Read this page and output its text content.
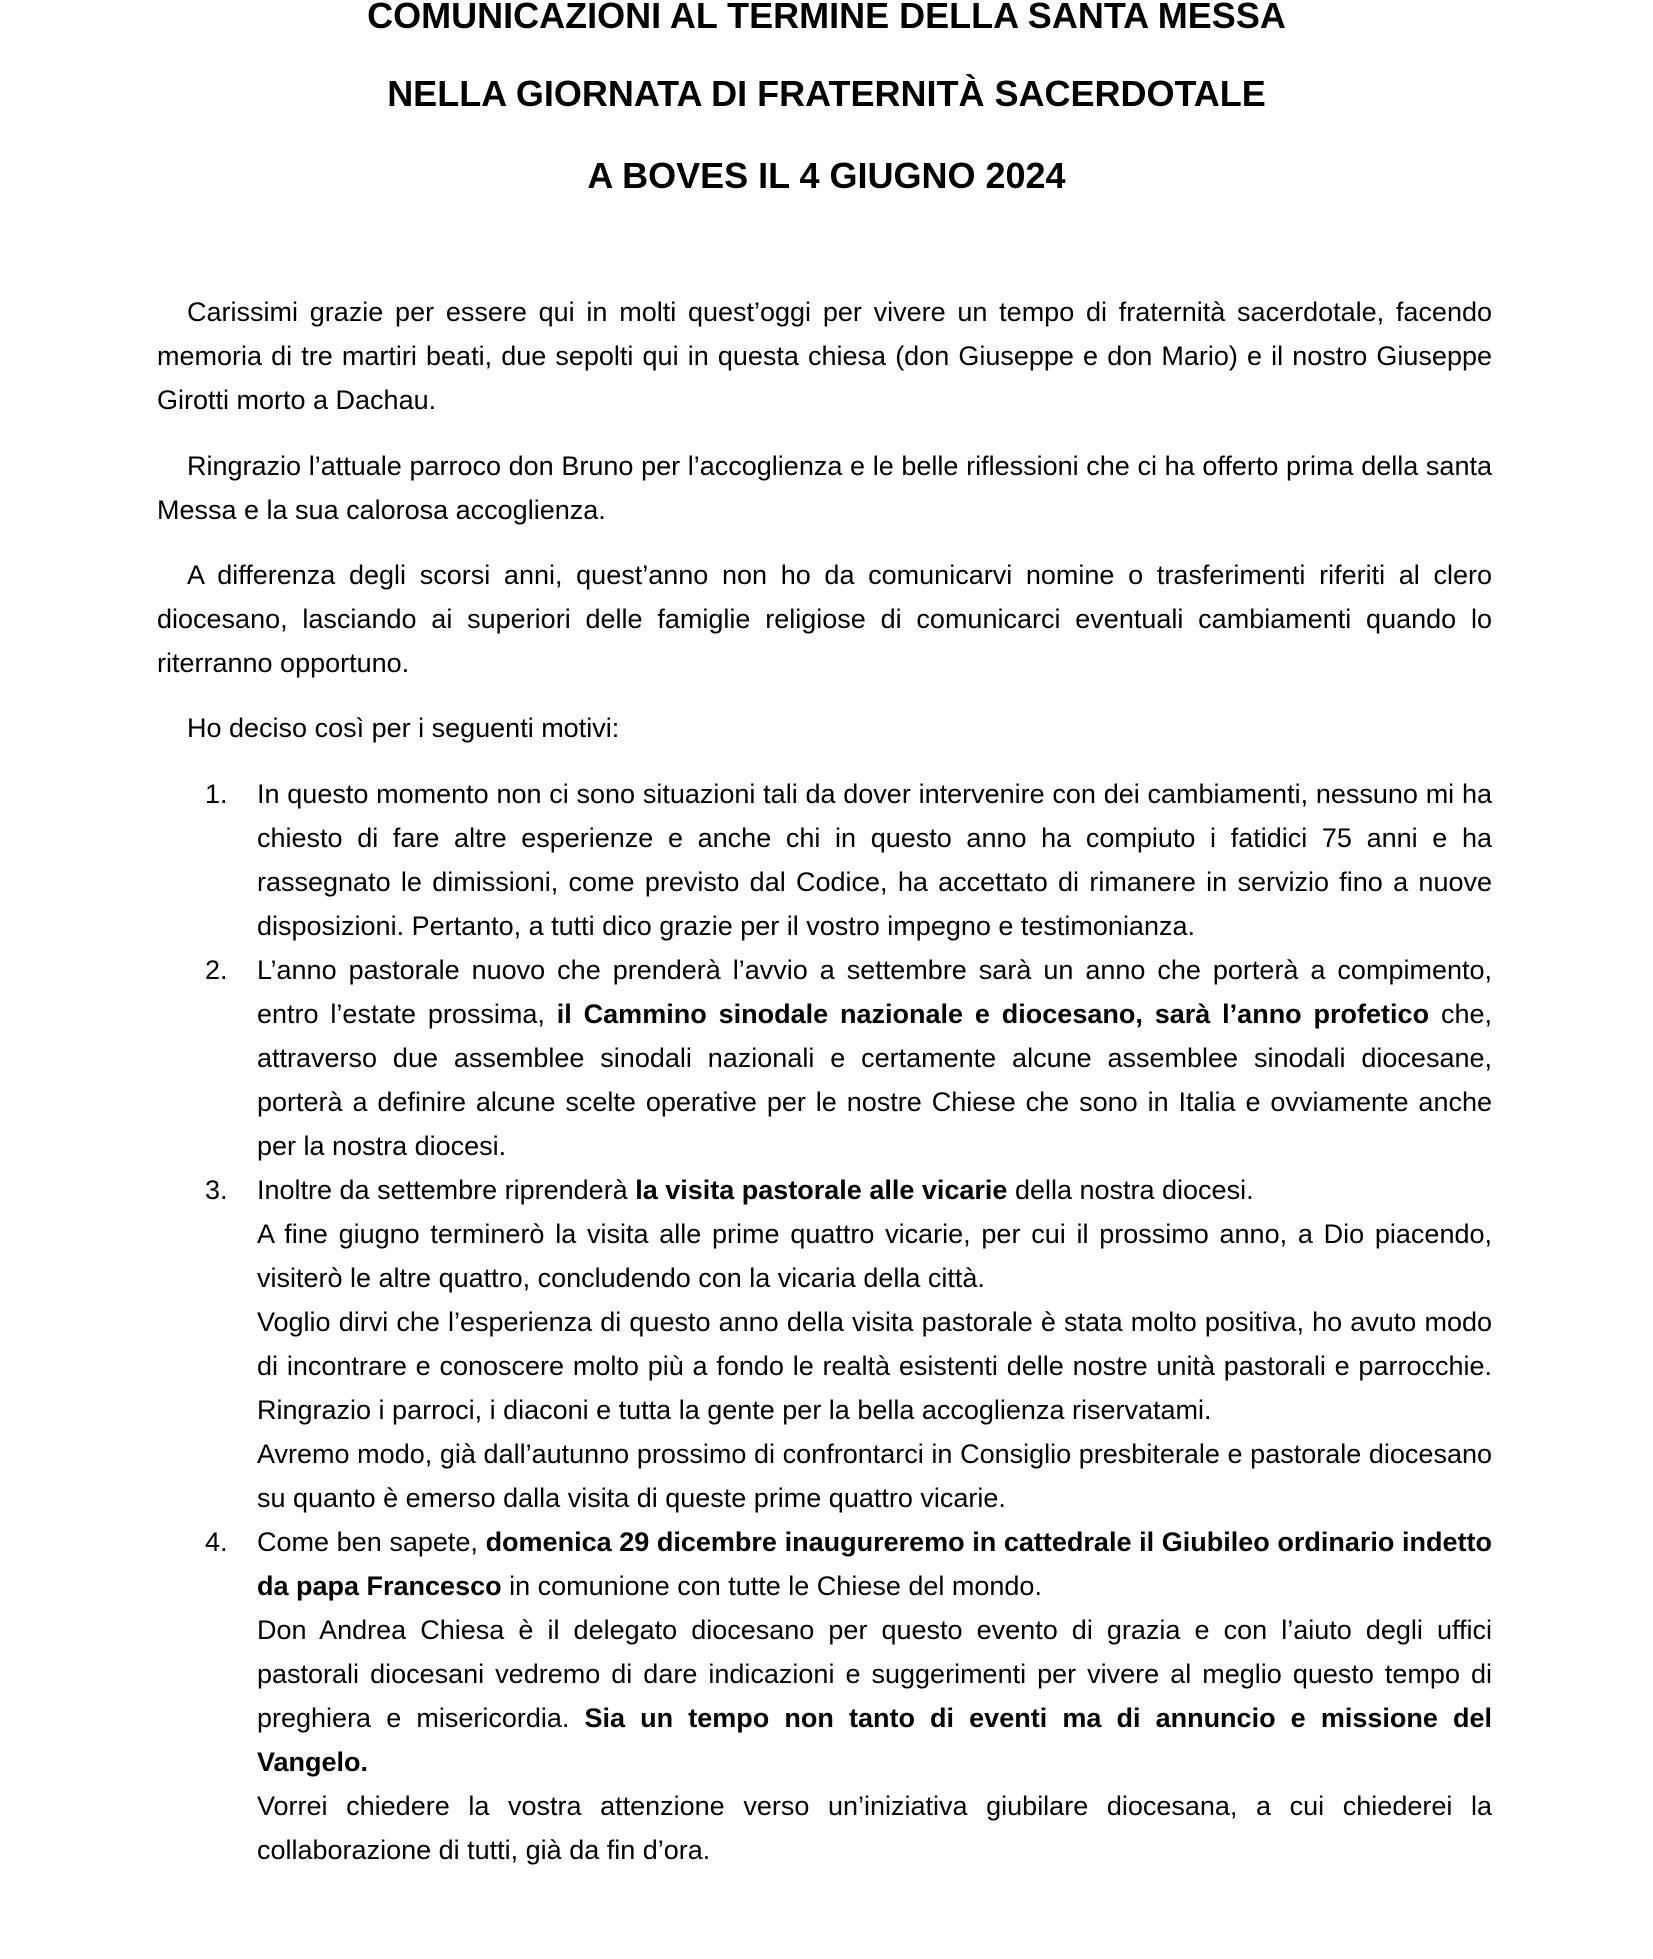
COMUNICAZIONI AL TERMINE DELLA SANTA MESSA
NELLA GIORNATA DI FRATERNITÀ SACERDOTALE
A BOVES IL 4 GIUGNO 2024

Carissimi grazie per essere qui in molti quest’oggi per vivere un tempo di fraternità sacerdotale, facendo memoria di tre martiri beati, due sepolti qui in questa chiesa (don Giuseppe e don Mario) e il nostro Giuseppe Girotti morto a Dachau.

Ringrazio l’attuale parroco don Bruno per l’accoglienza e le belle riflessioni che ci ha offerto prima della santa Messa e la sua calorosa accoglienza.

A differenza degli scorsi anni, quest’anno non ho da comunicarvi nomine o trasferimenti riferiti al clero diocesano, lasciando ai superiori delle famiglie religiose di comunicarci eventuali cambiamenti quando lo riterranno opportuno.

Ho deciso così per i seguenti motivi:

1.	In questo momento non ci sono situazioni tali da dover intervenire con dei cambiamenti, nessuno mi ha chiesto di fare altre esperienze e anche chi in questo anno ha compiuto i fatidici 75 anni e ha rassegnato le dimissioni, come previsto dal Codice, ha accettato di rimanere in servizio fino a nuove disposizioni. Pertanto, a tutti dico grazie per il vostro impegno e testimonianza.
2.	L’anno pastorale nuovo che prenderà l’avvio a settembre sarà un anno che porterà a compimento, entro l’estate prossima, il Cammino sinodale nazionale e diocesano, sarà l’anno profetico che, attraverso due assemblee sinodali nazionali e certamente alcune assemblee sinodali diocesane, porterà a definire alcune scelte operative per le nostre Chiese che sono in Italia e ovviamente anche per la nostra diocesi.
3.	Inoltre da settembre riprenderà la visita pastorale alle vicarie della nostra diocesi.
A fine giugno terminerò la visita alle prime quattro vicarie, per cui il prossimo anno, a Dio piacendo, visiterò le altre quattro, concludendo con la vicaria della città.
Voglio dirvi che l’esperienza di questo anno della visita pastorale è stata molto positiva, ho avuto modo di incontrare e conoscere molto più a fondo le realtà esistenti delle nostre unità pastorali e parrocchie. Ringrazio i parroci, i diaconi e tutta la gente per la bella accoglienza riservatami.
Avremo modo, già dall’autunno prossimo di confrontarci in Consiglio presbiterale e pastorale diocesano su quanto è emerso dalla visita di queste prime quattro vicarie.
4.	Come ben sapete, domenica 29 dicembre inaugureremo in cattedrale il Giubileo ordinario indetto da papa Francesco in comunione con tutte le Chiese del mondo.
Don Andrea Chiesa è il delegato diocesano per questo evento di grazia e con l’aiuto degli uffici pastorali diocesani vedremo di dare indicazioni e suggerimenti per vivere al meglio questo tempo di preghiera e misericordia. Sia un tempo non tanto di eventi ma di annuncio e missione del Vangelo.
Vorrei chiedere la vostra attenzione verso un’iniziativa giubilare diocesana, a cui chiederei la collaborazione di tutti, già da fin d’ora.
